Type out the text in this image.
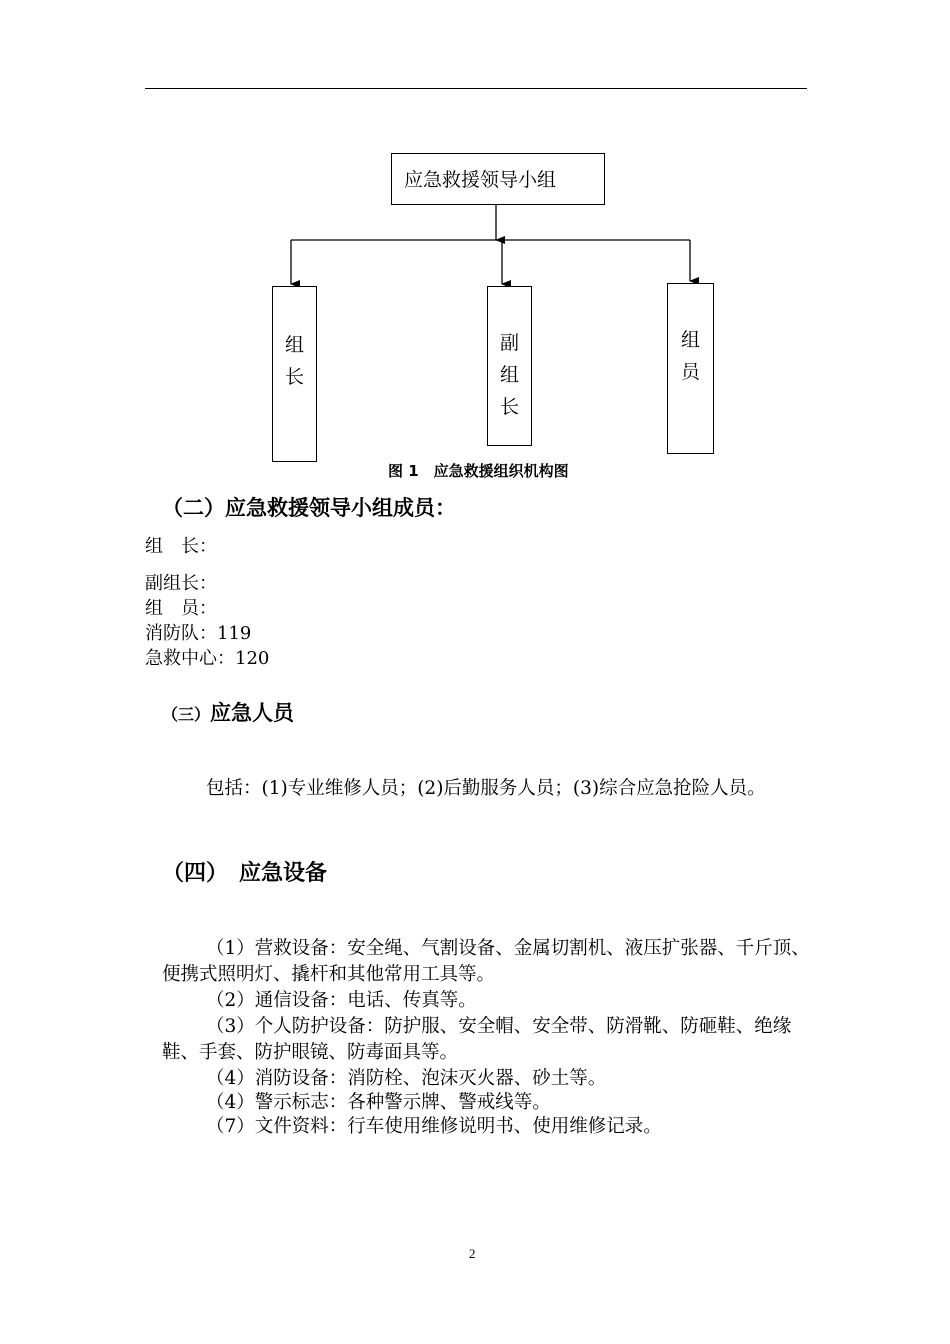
应急救援领导小组
组
长
副
组
长
组
员
图 1　应急救援组织机构图
（二）应急救援领导小组成员：
组　长：
副组长：
组　员：
消防队：119
急救中心：120
（三）应急人员
包括：(1)专业维修人员；(2)后勤服务人员；(3)综合应急抢险人员。
（四）　应急设备
（1）营救设备：安全绳、气割设备、金属切割机、液压扩张器、千斤顶、便携式照明灯、撬杆和其他常用工具等。
（2）通信设备：电话、传真等。
（3）个人防护设备：防护服、安全帽、安全带、防滑靴、防砸鞋、绝缘鞋、手套、防护眼镜、防毒面具等。
（4）消防设备：消防栓、泡沫灭火器、砂土等。
（4）警示标志：各种警示牌、警戒线等。
（7）文件资料：行车使用维修说明书、使用维修记录。
2
